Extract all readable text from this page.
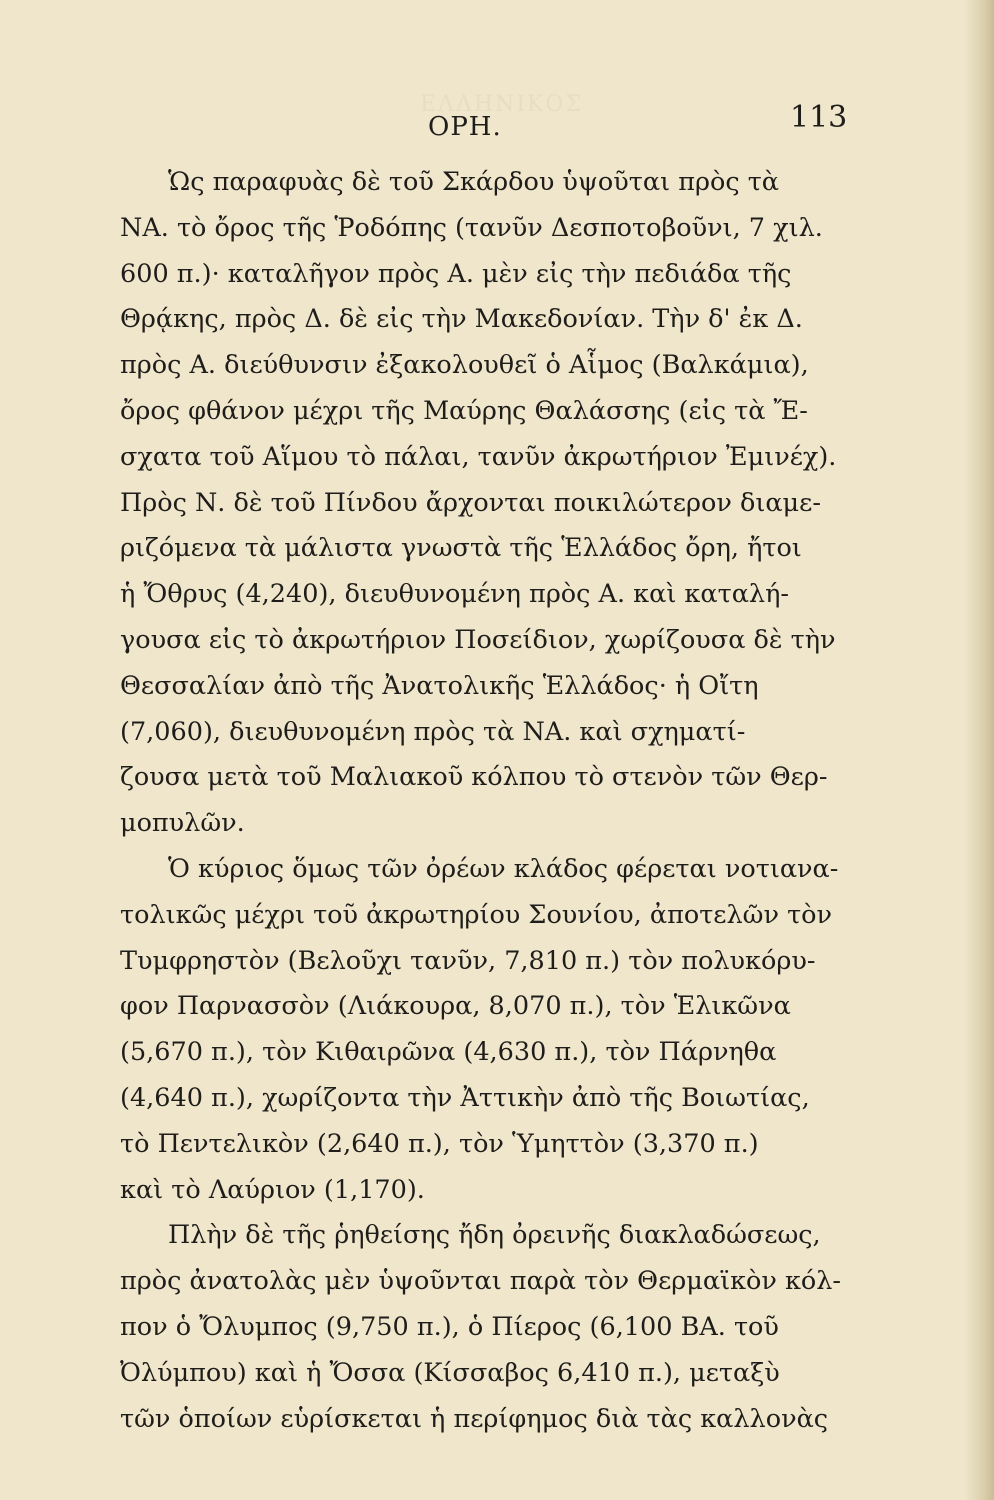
ΕΛΛΗΝΙΚΟΣ
ΟΡΗ.	113
Ὡς παραφυὰς δὲ τοῦ Σκάρδου ὑψοῦται πρὸς τὰ
ΝΑ. τὸ ὄρος τῆς Ῥοδόπης (τανῦν Δεσποτοβοῦνι, 7 χιλ.
600 π.)· καταλῆγον πρὸς Α. μὲν εἰς τὴν πεδιάδα τῆς
Θρᾴκης, πρὸς Δ. δὲ εἰς τὴν Μακεδονίαν. Τὴν δ' ἐκ Δ.
πρὸς Α. διεύθυνσιν ἐξακολουθεῖ ὁ Αἷμος (Βαλκάμια),
ὄρος φθάνον μέχρι τῆς Μαύρης Θαλάσσης (εἰς τὰ Ἔ-
σχατα τοῦ Αἵμου τὸ πάλαι, τανῦν ἀκρωτήριον Ἐμινέχ).
Πρὸς Ν. δὲ τοῦ Πίνδου ἄρχονται ποικιλώτερον διαμε-
ριζόμενα τὰ μάλιστα γνωστὰ τῆς Ἑλλάδος ὄρη, ἤτοι
ἡ Ὄθρυς (4,240), διευθυνομένη πρὸς Α. καὶ καταλή-
γουσα εἰς τὸ ἀκρωτήριον Ποσείδιον, χωρίζουσα δὲ τὴν
Θεσσαλίαν ἀπὸ τῆς Ἀνατολικῆς Ἑλλάδος· ἡ Οἴτη
(7,060), διευθυνομένη πρὸς τὰ ΝΑ. καὶ σχηματί-
ζουσα μετὰ τοῦ Μαλιακοῦ κόλπου τὸ στενὸν τῶν Θερ-
μοπυλῶν.
Ὁ κύριος ὅμως τῶν ὀρέων κλάδος φέρεται νοτιανα-
τολικῶς μέχρι τοῦ ἀκρωτηρίου Σουνίου, ἀποτελῶν τὸν
Τυμφρηστὸν (Βελοῦχι τανῦν, 7,810 π.) τὸν πολυκόρυ-
φον Παρνασσὸν (Λιάκουρα, 8,070 π.), τὸν Ἑλικῶνα
(5,670 π.), τὸν Κιθαιρῶνα (4,630 π.), τὸν Πάρνηθα
(4,640 π.), χωρίζοντα τὴν Ἀττικὴν ἀπὸ τῆς Βοιωτίας,
τὸ Πεντελικὸν (2,640 π.), τὸν Ὑμηττὸν (3,370 π.)
καὶ τὸ Λαύριον (1,170).
Πλὴν δὲ τῆς ῥηθείσης ἤδη ὀρεινῆς διακλαδώσεως,
πρὸς ἀνατολὰς μὲν ὑψοῦνται παρὰ τὸν Θερμαϊκὸν κόλ-
πον ὁ Ὄλυμπος (9,750 π.), ὁ Πίερος (6,100 ΒΑ. τοῦ
Ὀλύμπου) καὶ ἡ Ὄσσα (Κίσσαβος 6,410 π.), μεταξὺ
τῶν ὁποίων εὑρίσκεται ἡ περίφημος διὰ τὰς καλλονὰς
